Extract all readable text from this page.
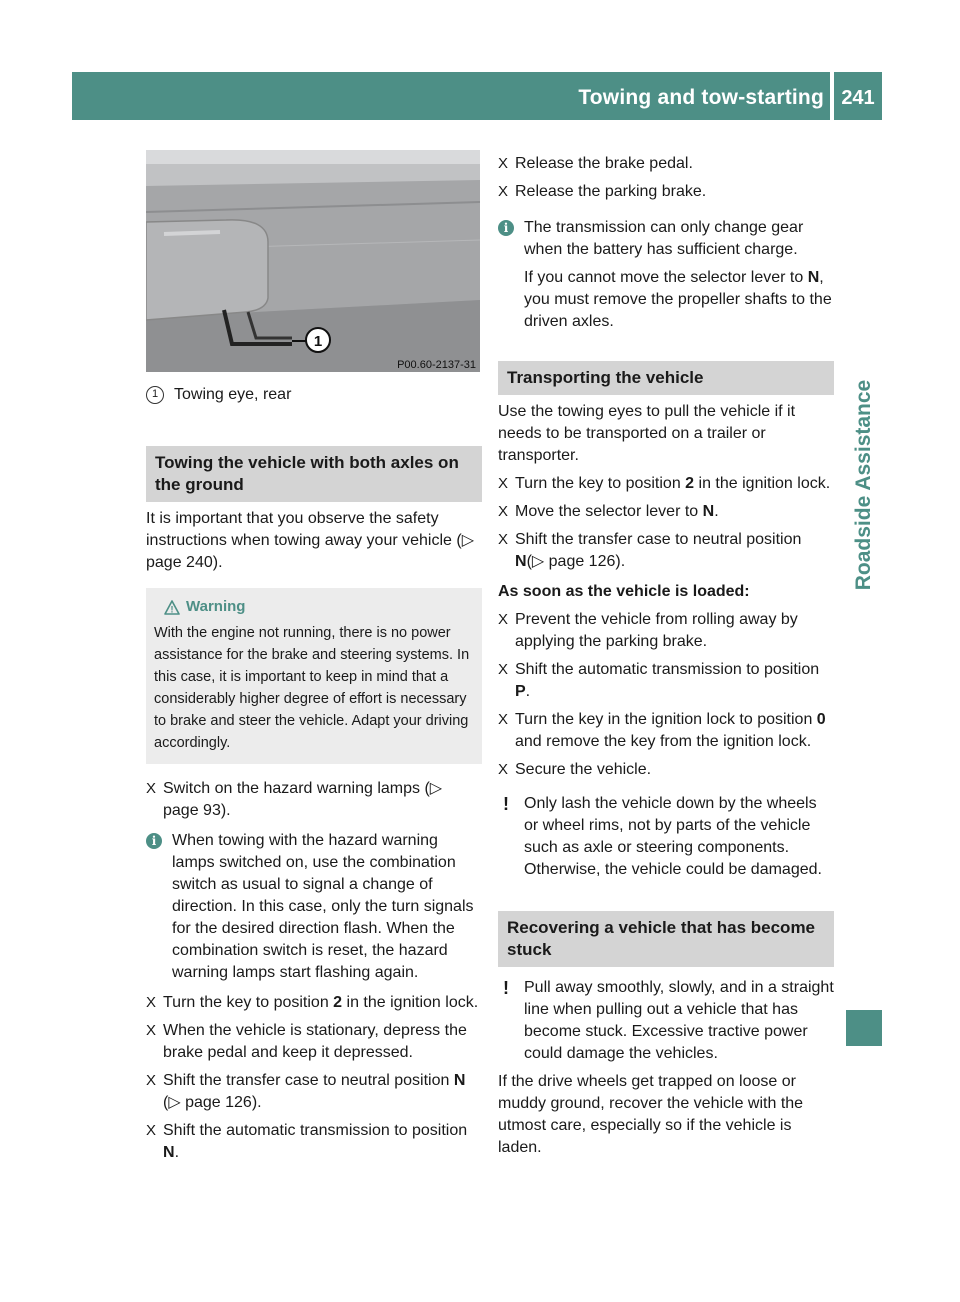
Towing and tow-starting 241
Roadside Assistance
1
P00.60-2137-31
1 Towing eye, rear
Towing the vehicle with both axles on the ground
It is important that you observe the safety instructions when towing away your vehicle (▷ page 240).
! Warning
With the engine not running, there is no power assistance for the brake and steering systems. In this case, it is important to keep in mind that a considerably higher degree of effort is necessary to brake and steer the vehicle. Adapt your driving accordingly.
X Switch on the hazard warning lamps (▷ page 93).
i When towing with the hazard warning lamps switched on, use the combination switch as usual to signal a change of direction. In this case, only the turn signals for the desired direction flash. When the combination switch is reset, the hazard warning lamps start flashing again.
X Turn the key to position 2 in the ignition lock.
X When the vehicle is stationary, depress the brake pedal and keep it depressed.
X Shift the transfer case to neutral position N (▷ page 126).
X Shift the automatic transmission to position N.
X Release the brake pedal.
X Release the parking brake.
i The transmission can only change gear when the battery has sufficient charge.

If you cannot move the selector lever to N, you must remove the propeller shafts to the driven axles.

Transporting the vehicle
Use the towing eyes to pull the vehicle if it needs to be transported on a trailer or transporter.
X Turn the key to position 2 in the ignition lock.
X Move the selector lever to N.
X Shift the transfer case to neutral position N(▷ page 126).
As soon as the vehicle is loaded:
X Prevent the vehicle from rolling away by applying the parking brake.
X Shift the automatic transmission to position P.
X Turn the key in the ignition lock to position 0 and remove the key from the ignition lock.
X Secure the vehicle.
! Only lash the vehicle down by the wheels or wheel rims, not by parts of the vehicle such as axle or steering components. Otherwise, the vehicle could be damaged.
Recovering a vehicle that has become stuck
! Pull away smoothly, slowly, and in a straight line when pulling out a vehicle that has become stuck. Excessive tractive power could damage the vehicles.
If the drive wheels get trapped on loose or muddy ground, recover the vehicle with the utmost care, especially so if the vehicle is laden.
